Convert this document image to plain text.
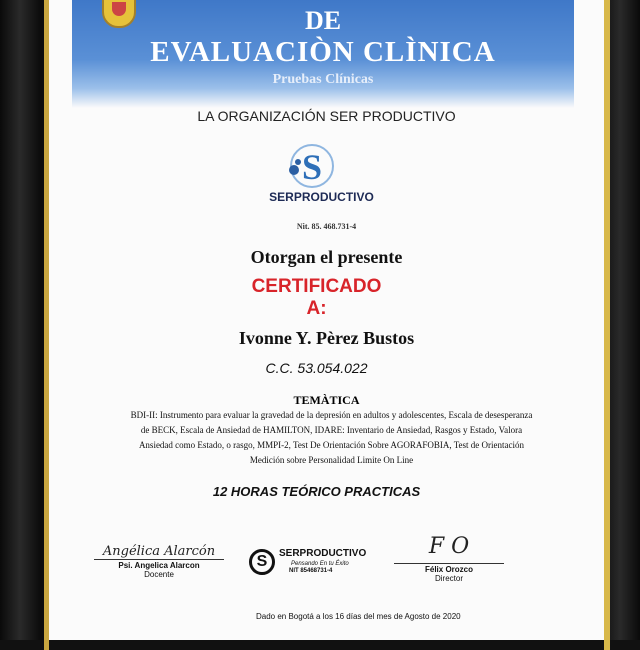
DE
EVALUACIÒN CLÌNICA
Pruebas Clínicas
LA ORGANIZACIÓN SER PRODUCTIVO
S
SERPRODUCTIVO
Nit. 85. 468.731-4
Otorgan el presente
CERTIFICADO
A:
Ivonne Y. Pèrez Bustos
C.C. 53.054.022
TEMÀTICA
BDI-II: Instrumento para evaluar la gravedad de la depresión en adultos y adolescentes, Escala de desesperanza
de BECK, Escala de Ansiedad de HAMILTON, IDARE: Inventario de Ansiedad, Rasgos y Estado, Valora
Ansiedad como Estado, o rasgo, MMPI-2, Test De Orientación Sobre AGORAFOBIA, Test de Orientación
Medición sobre Personalidad Limite On Line
12 HORAS TEÓRICO PRACTICAS
Angélica Alarcón
Psi. Angelica Alarcon
Docente
S	SERPRODUCTIVO
Pensando En tu Éxito
NIT 85468731-4
F O
Félix Orozco
Director
Dado en Bogotá a los 16 días del mes de Agosto de 2020
